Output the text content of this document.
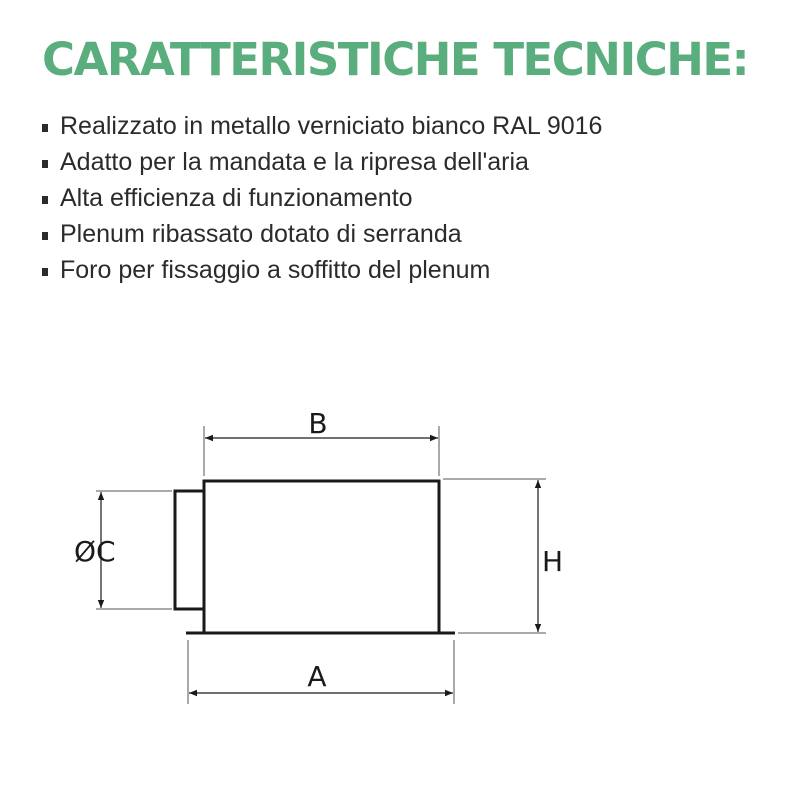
CARATTERISTICHE TECNICHE:
Realizzato in metallo verniciato bianco RAL 9016
Adatto per la mandata e la ripresa dell'aria
Alta efficienza di funzionamento
Plenum ribassato dotato di serranda
Foro per fissaggio a soffitto del plenum
B
ØC	H
A
